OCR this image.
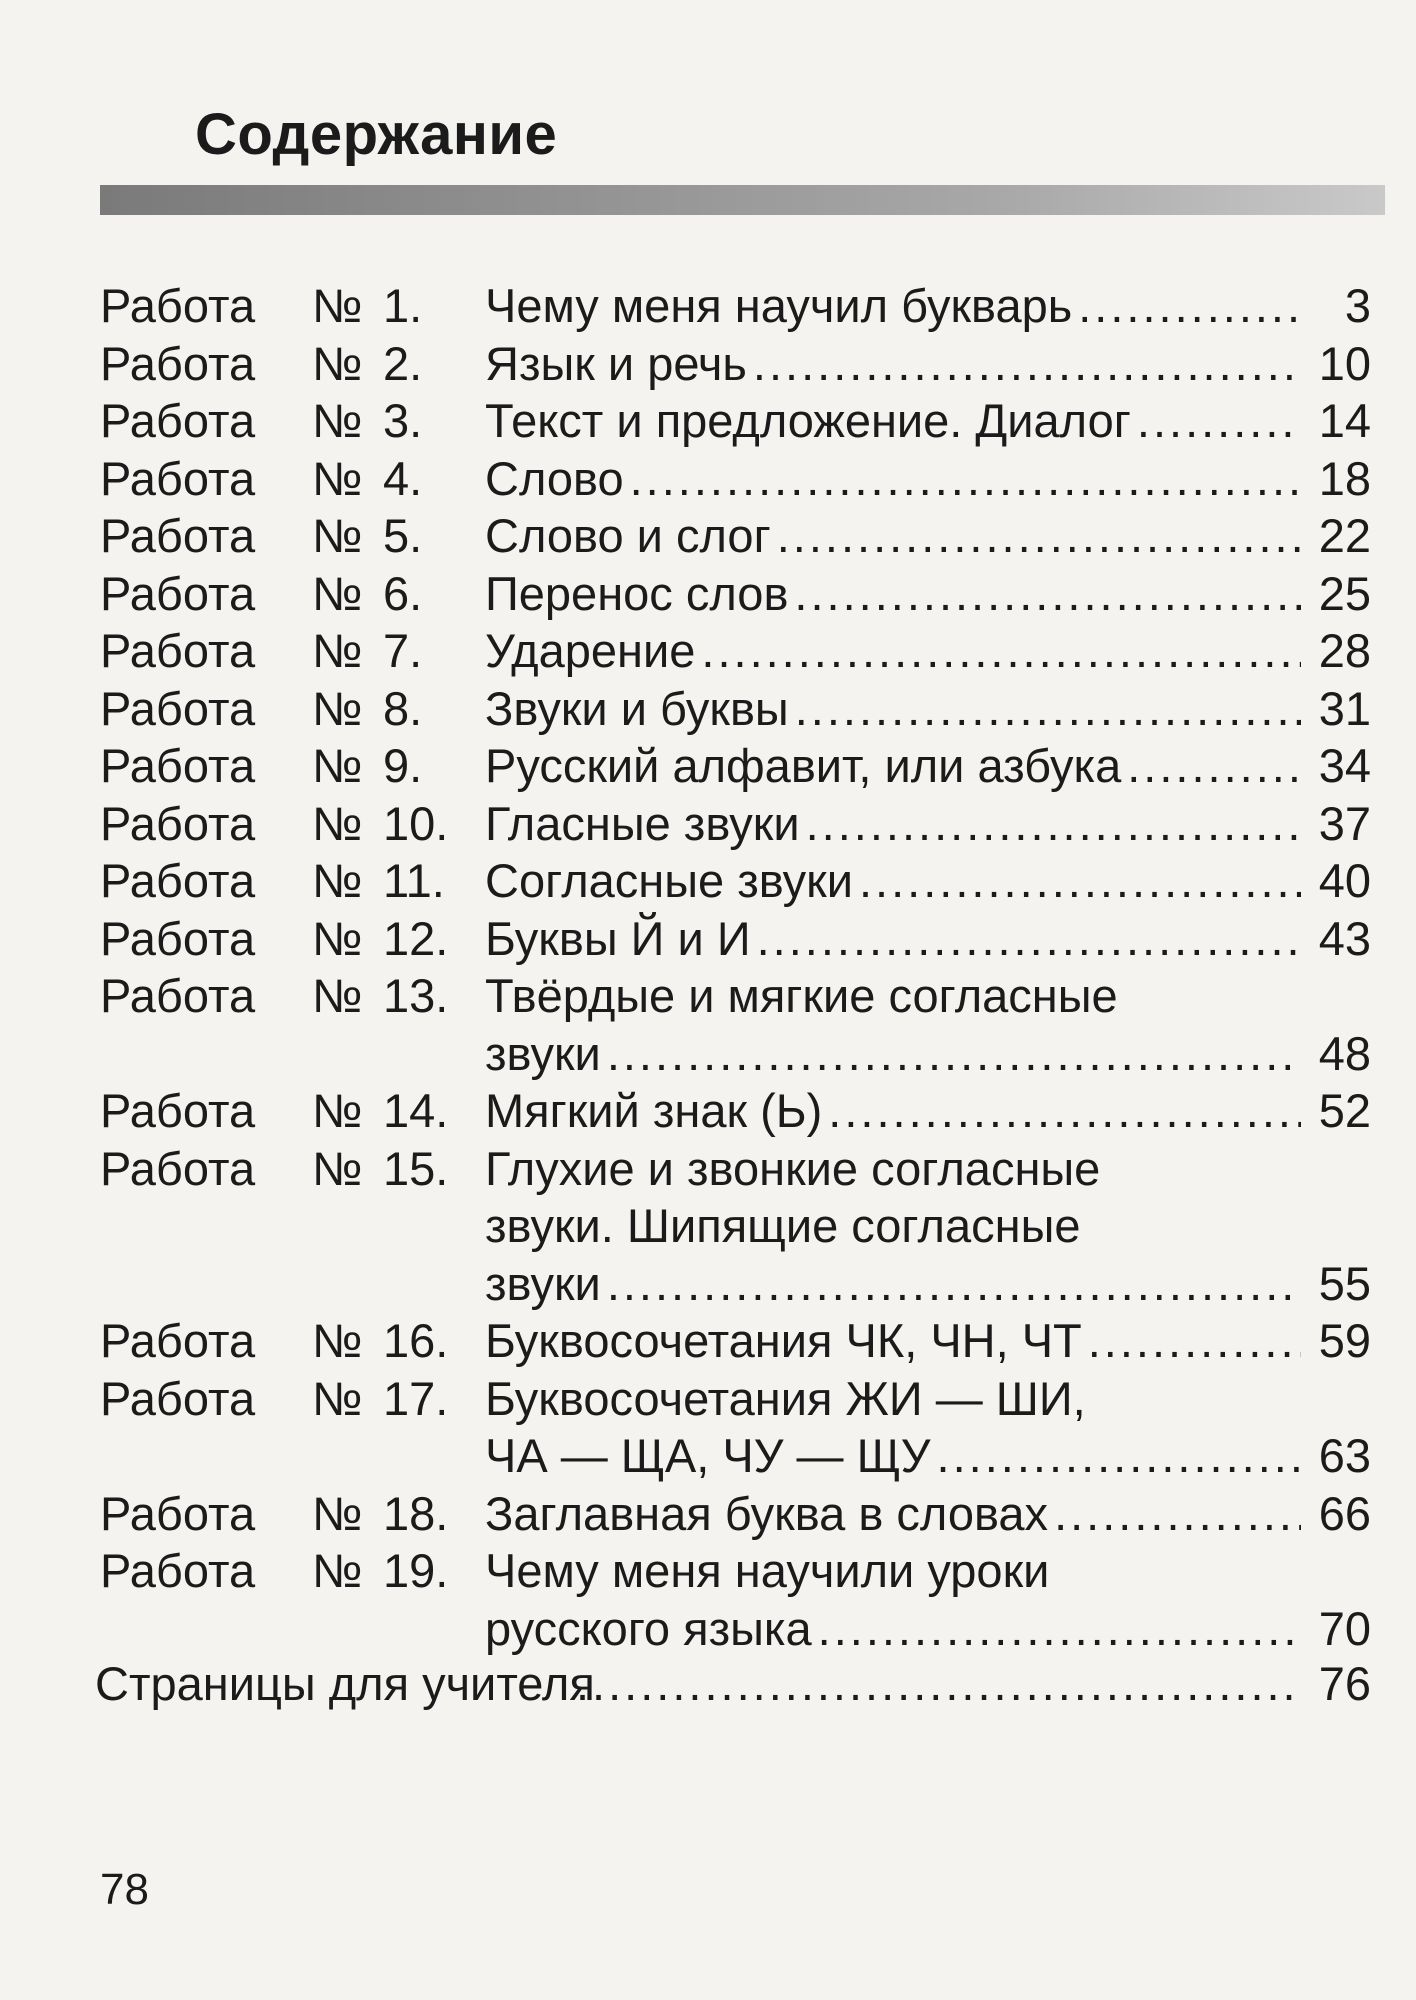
Содержание
Работа № 1. Чему меня научил букварь .....	3
Работа № 2. Язык и речь .....	10
Работа № 3. Текст и предложение. Диалог .....	14
Работа № 4. Слово .....	18
Работа № 5. Слово и слог .....	22
Работа № 6. Перенос слов .....	25
Работа № 7. Ударение .....	28
Работа № 8. Звуки и буквы .....	31
Работа № 9. Русский алфавит, или азбука .....	34
Работа № 10. Гласные звуки .....	37
Работа № 11. Согласные звуки .....	40
Работа № 12. Буквы Й и И .....	43
Работа № 13. Твёрдые и мягкие согласные
звуки .....	48
Работа № 14. Мягкий знак (Ь) .....	52
Работа № 15. Глухие и звонкие согласные
звуки. Шипящие согласные
звуки .....	55
Работа № 16. Буквосочетания ЧК, ЧН, ЧТ .....	59
Работа № 17. Буквосочетания ЖИ — ШИ,
ЧА — ЩА, ЧУ — ЩУ .....	63
Работа № 18. Заглавная буква в словах .....	66
Работа № 19. Чему меня научили уроки
русского языка .....	70
Страницы для учителя .....	76
78
